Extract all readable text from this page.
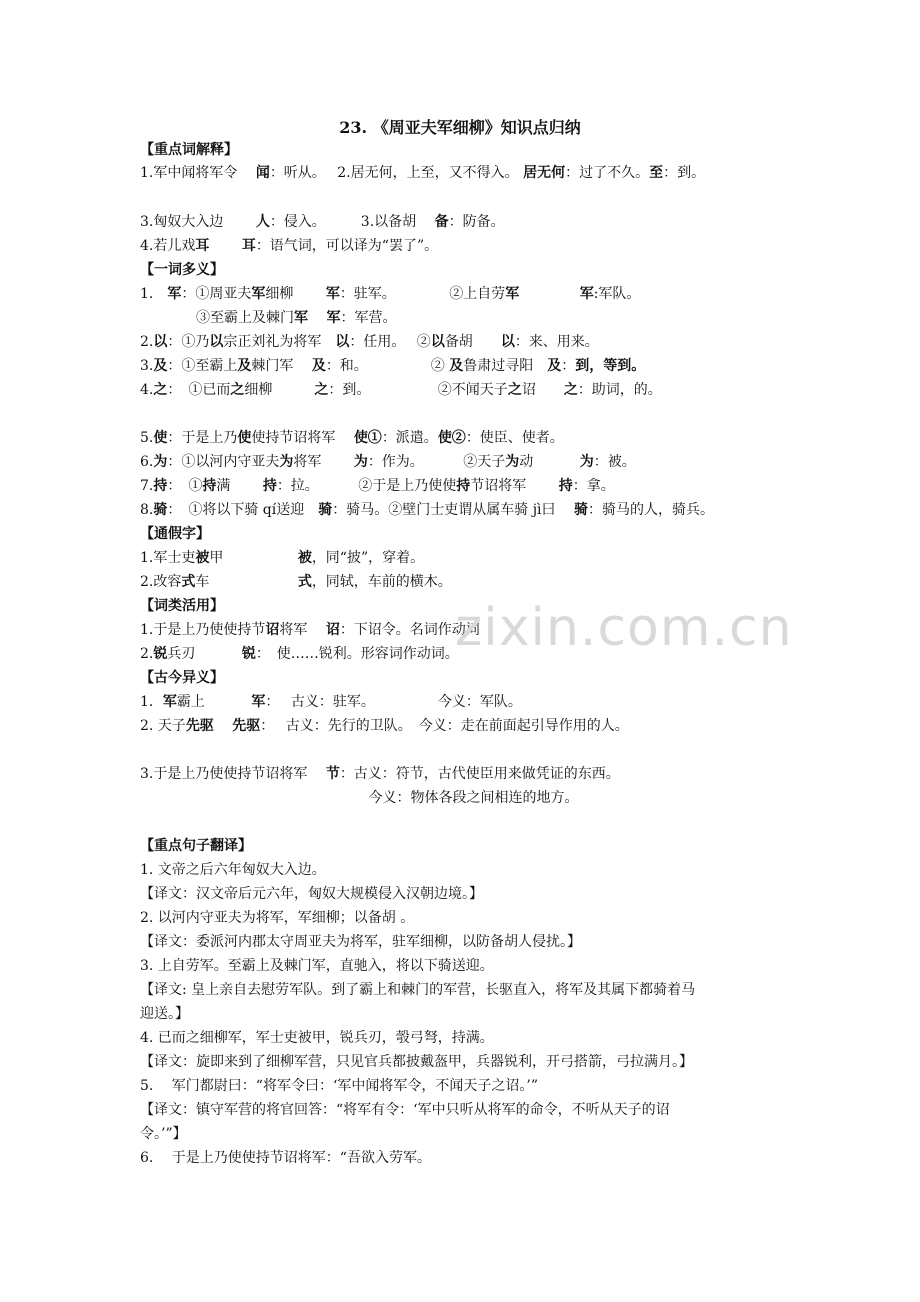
23. 《周亚夫军细柳》知识点归纳
【重点词解释】
1.军中闻将军令　 闻：听从。　 2.居无何，上至，又不得入。 居无何：过了不久。至：到。
3.匈奴大入边　　 人：侵入。　　　3.以备胡　 备：防备。
4.若儿戏耳　　 耳：语气词，可以译为“罢了”。
【一词多义】
1.　军：①周亚夫军细柳　　 军：驻军。　　　　 ②上自劳军　　　　	军:军队。
　　　　③至霸上及棘门军　 军：军营。
2.以：①乃以宗正刘礼为将军　以：任用。　 ②以备胡　　以：来、用来。
3.及：①至霸上及棘门军　 及：和。　　　　　② 及鲁肃过寻阳　及：到，等到。
4.之：　①已而之细柳　　　之：到。　　　　　 ②不闻天子之诏　　之：助词，的。
5.使：于是上乃使使持节诏将军　 使①：派遣。使②：使臣、使者。
6.为：①以河内守亚夫为将军　　 为：作为。　　　 ②天子为动　　　 为：被。
7.持：　①持满　　 持：拉。　　　 ②于是上乃使使持节诏将军　　 持：拿。
8.骑：　①将以下骑 qí送迎　骑：骑马。②壁门士吏谓从属车骑 jì曰　 骑：骑马的人，骑兵。
【通假字】
1.军士吏被甲　　　　　 被，同“披”，穿着。
2.改容式车　　　　　　 式，同轼，车前的横木。
【词类活用】
1.于是上乃使使持节诏将军　 诏：下诏令。名词作动词
2.锐兵刃　　　 锐：　使……锐利。形容词作动词。
【古今异义】
1．军霸上　　　 军：　 古义：驻军。　　　　　今义：军队。
2. 天子先驱　 先驱：　 古义：先行的卫队。　今义：走在前面起引导作用的人。
3.于是上乃使使持节诏将军　 节：古义：符节，古代使臣用来做凭证的东西。
　　　　　　　　　　　　　　　　 今义：物体各段之间相连的地方。
【重点句子翻译】
1. 文帝之后六年匈奴大入边。
【译文：汉文帝后元六年，匈奴大规模侵入汉朝边境。】
2. 以河内守亚夫为将军，军细柳；以备胡 。
【译文：委派河内郡太守周亚夫为将军，驻军细柳，以防备胡人侵扰。】
3. 上自劳军。至霸上及棘门军，直驰入，将以下骑送迎。
【译文: 皇上亲自去慰劳军队。到了霸上和棘门的军营，长驱直入，将军及其属下都骑着马
迎送。】
4. 已而之细柳军，军士吏被甲，锐兵刃，彀弓弩，持满。
【译文：旋即来到了细柳军营，只见官兵都披戴盔甲，兵器锐利，开弓搭箭，弓拉满月。】
5.　 军门都尉曰：“将军令曰：‘军中闻将军令，不闻天子之诏。’”
【译文：镇守军营的将官回答：“将军有令：‘军中只听从将军的命令，不听从天子的诏
令。’”】
6.　 于是上乃使使持节诏将军：“吾欲入劳军。
zixin.com.cn
